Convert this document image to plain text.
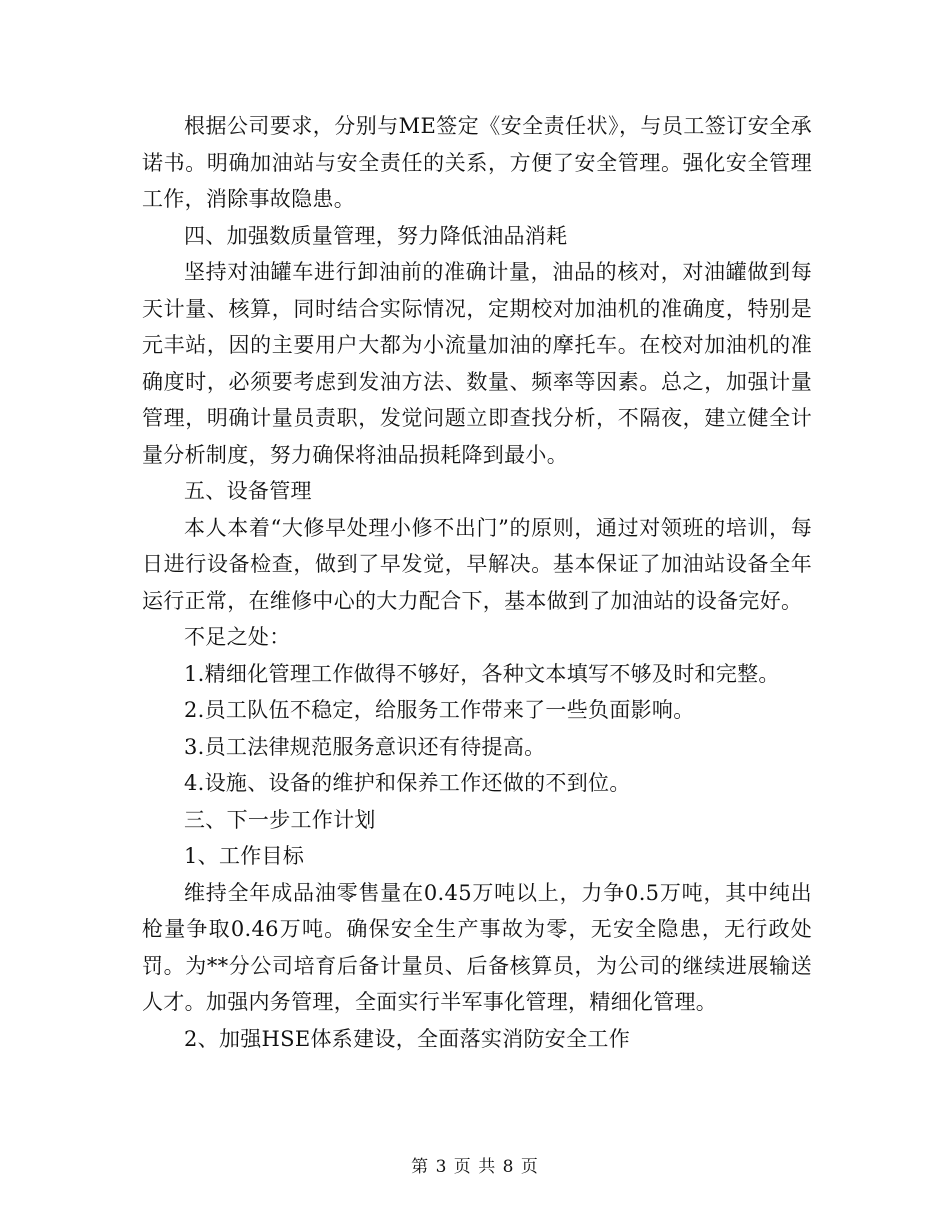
根据公司要求，分别与ME签定《安全责任状》，与员工签订安全承诺书。明确加油站与安全责任的关系，方便了安全管理。强化安全管理工作，消除事故隐患。

四、加强数质量管理，努力降低油品消耗

坚持对油罐车进行卸油前的准确计量，油品的核对，对油罐做到每天计量、核算，同时结合实际情况，定期校对加油机的准确度，特别是元丰站，因的主要用户大都为小流量加油的摩托车。在校对加油机的准确度时，必须要考虑到发油方法、数量、频率等因素。总之，加强计量管理，明确计量员责职，发觉问题立即查找分析，不隔夜，建立健全计量分析制度，努力确保将油品损耗降到最小。

五、设备管理

本人本着“大修早处理小修不出门”的原则，通过对领班的培训，每日进行设备检查，做到了早发觉，早解决。基本保证了加油站设备全年运行正常，在维修中心的大力配合下，基本做到了加油站的设备完好。

不足之处：

1.精细化管理工作做得不够好，各种文本填写不够及时和完整。

2.员工队伍不稳定，给服务工作带来了一些负面影响。

3.员工法律规范服务意识还有待提高。

4.设施、设备的维护和保养工作还做的不到位。

三、下一步工作计划

1、工作目标

维持全年成品油零售量在0.45万吨以上，力争0.5万吨，其中纯出枪量争取0.46万吨。确保安全生产事故为零，无安全隐患，无行政处罚。为**分公司培育后备计量员、后备核算员，为公司的继续进展输送人才。加强内务管理，全面实行半军事化管理，精细化管理。

2、加强HSE体系建设，全面落实消防安全工作

第 3 页 共 8 页
